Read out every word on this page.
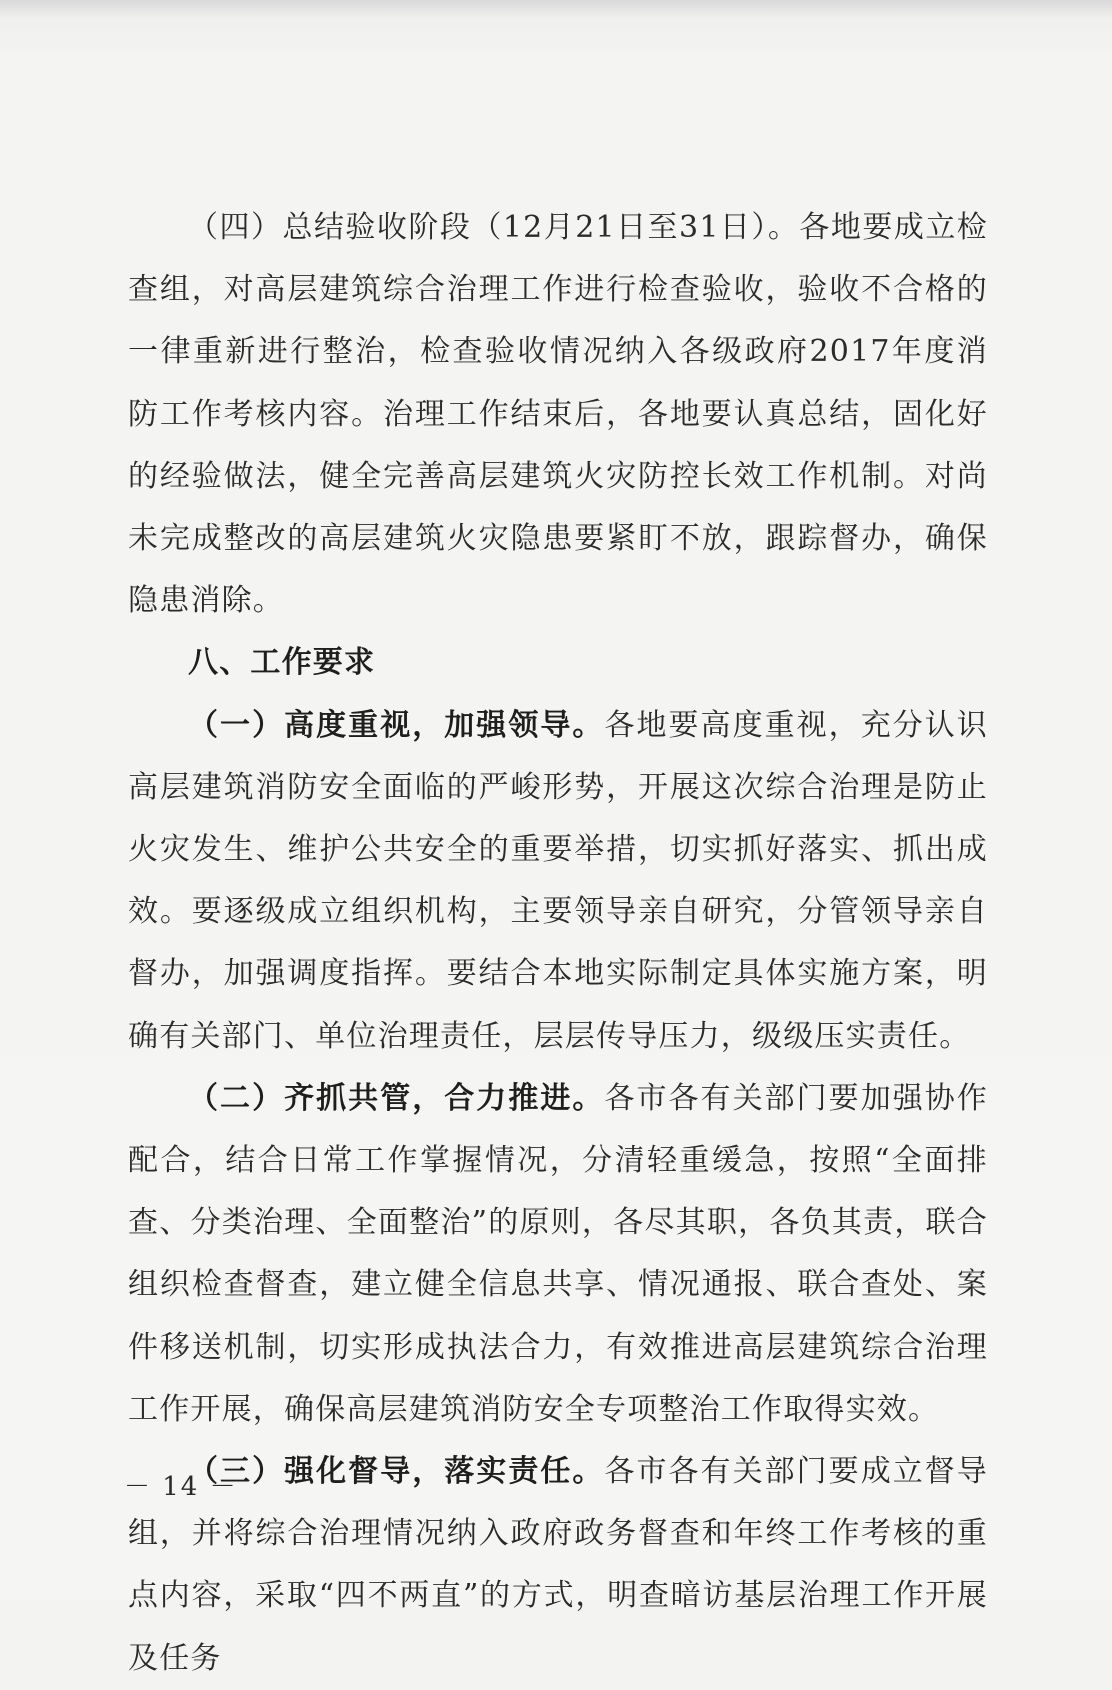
（四）总结验收阶段（12月21日至31日）。各地要成立检查组，对高层建筑综合治理工作进行检查验收，验收不合格的一律重新进行整治，检查验收情况纳入各级政府2017年度消防工作考核内容。治理工作结束后，各地要认真总结，固化好的经验做法，健全完善高层建筑火灾防控长效工作机制。对尚未完成整改的高层建筑火灾隐患要紧盯不放，跟踪督办，确保隐患消除。

八、工作要求

（一）高度重视，加强领导。各地要高度重视，充分认识高层建筑消防安全面临的严峻形势，开展这次综合治理是防止火灾发生、维护公共安全的重要举措，切实抓好落实、抓出成效。要逐级成立组织机构，主要领导亲自研究，分管领导亲自督办，加强调度指挥。要结合本地实际制定具体实施方案，明确有关部门、单位治理责任，层层传导压力，级级压实责任。

（二）齐抓共管，合力推进。各市各有关部门要加强协作配合，结合日常工作掌握情况，分清轻重缓急，按照“全面排查、分类治理、全面整治”的原则，各尽其职，各负其责，联合组织检查督查，建立健全信息共享、情况通报、联合查处、案件移送机制，切实形成执法合力，有效推进高层建筑综合治理工作开展，确保高层建筑消防安全专项整治工作取得实效。

（三）强化督导，落实责任。各市各有关部门要成立督导组，并将综合治理情况纳入政府政务督查和年终工作考核的重点内容，采取“四不两直”的方式，明查暗访基层治理工作开展及任务

－ 14 －
